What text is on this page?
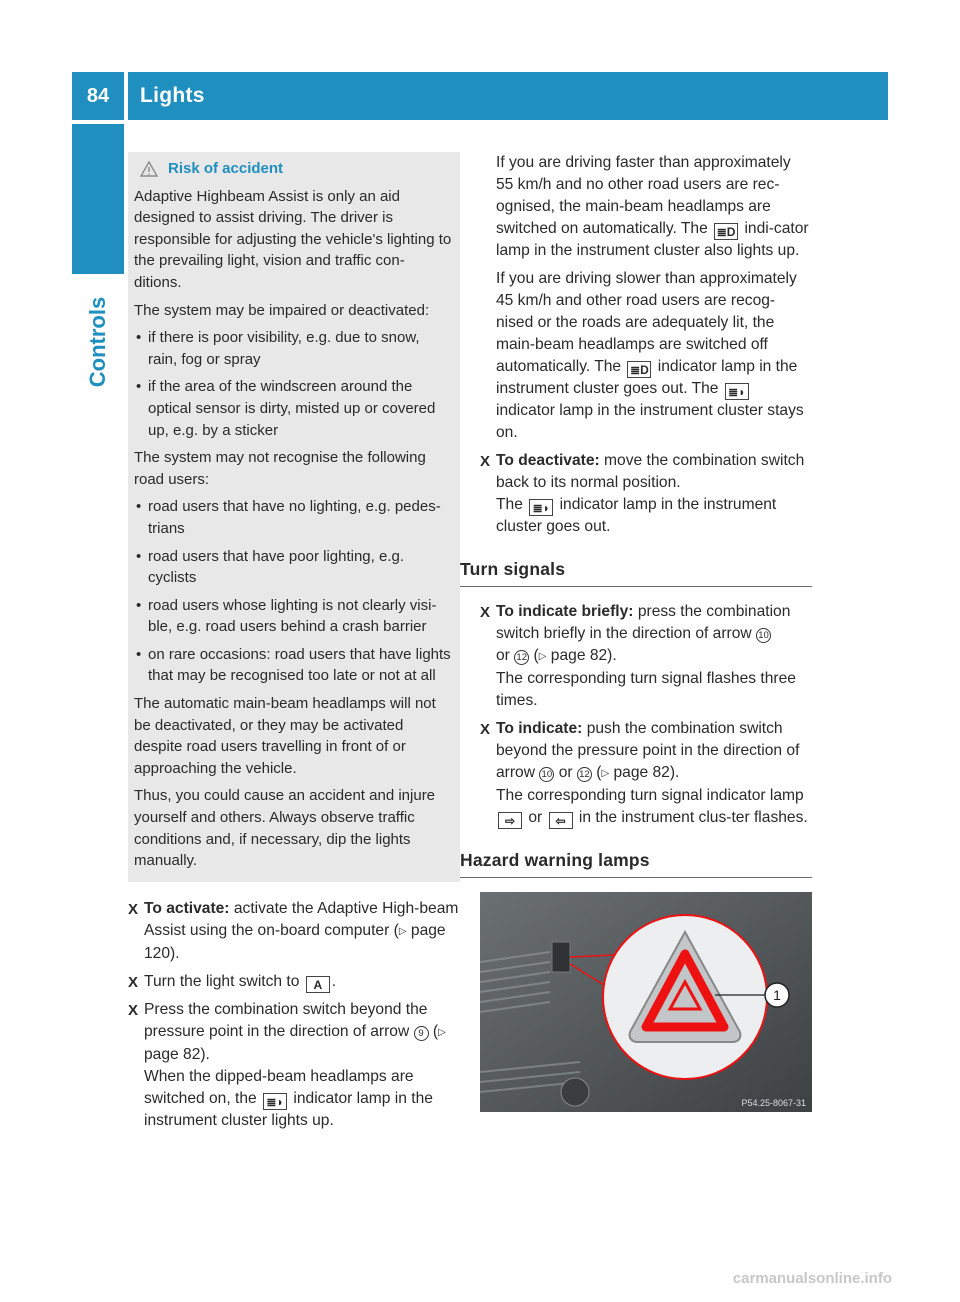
84	Lights
Controls
Risk of accident

Adaptive Highbeam Assist is only an aid designed to assist driving. The driver is responsible for adjusting the vehicle's lighting to the prevailing light, vision and traffic con-ditions.

The system may be impaired or deactivated:

• if there is poor visibility, e.g. due to snow, rain, fog or spray
• if the area of the windscreen around the optical sensor is dirty, misted up or covered up, e.g. by a sticker

The system may not recognise the following road users:

• road users that have no lighting, e.g. pedes-trians
• road users that have poor lighting, e.g. cyclists
• road users whose lighting is not clearly visi-ble, e.g. road users behind a crash barrier
• on rare occasions: road users that have lights that may be recognised too late or not at all

The automatic main-beam headlamps will not be deactivated, or they may be activated despite road users travelling in front of or approaching the vehicle.

Thus, you could cause an accident and injure yourself and others. Always observe traffic conditions and, if necessary, dip the lights manually.

X To activate: activate the Adaptive High-beam Assist using the on-board computer (▷ page 120).
X Turn the light switch to A .
X Press the combination switch beyond the pressure point in the direction of arrow 9 (▷ page 82).
When the dipped-beam headlamps are switched on, the ≣◗ indicator lamp in the instrument cluster lights up.

If you are driving faster than approximately 55 km/h and no other road users are rec-ognised, the main-beam headlamps are switched on automatically. The ≣D indi-cator lamp in the instrument cluster also lights up.

If you are driving slower than approximately 45 km/h and other road users are recog-nised or the roads are adequately lit, the main-beam headlamps are switched off automatically. The ≣D indicator lamp in the instrument cluster goes out. The ≣◗ indicator lamp in the instrument cluster stays on.

X To deactivate: move the combination switch back to its normal position.
The ≣◗ indicator lamp in the instrument cluster goes out.
Turn signals
X To indicate briefly: press the combination switch briefly in the direction of arrow 10
or 12 (▷ page 82).
The corresponding turn signal flashes three times.
X To indicate: push the combination switch beyond the pressure point in the direction of arrow 10 or 12 (▷ page 82).
The corresponding turn signal indicator lamp ⇨ or ⇦ in the instrument clus-ter flashes.
Hazard warning lamps
1
P54.25-8067-31
carmanualsonline.info
